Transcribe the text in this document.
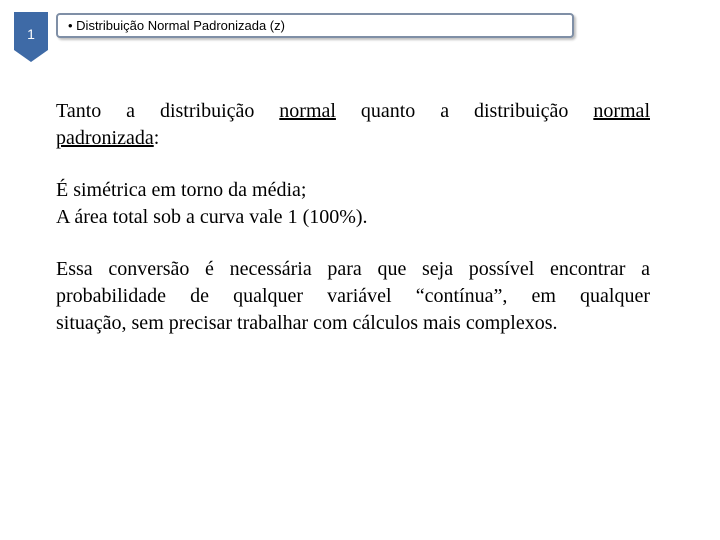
1
• Distribuição Normal Padronizada (z)

Tanto a distribuição normal quanto a distribuição normal
padronizada:

É simétrica em torno da média;
A área total sob a curva vale 1 (100%).

Essa conversão é necessária para que seja possível encontrar a
probabilidade de qualquer variável “contínua”, em qualquer
situação, sem precisar trabalhar com cálculos mais complexos.
